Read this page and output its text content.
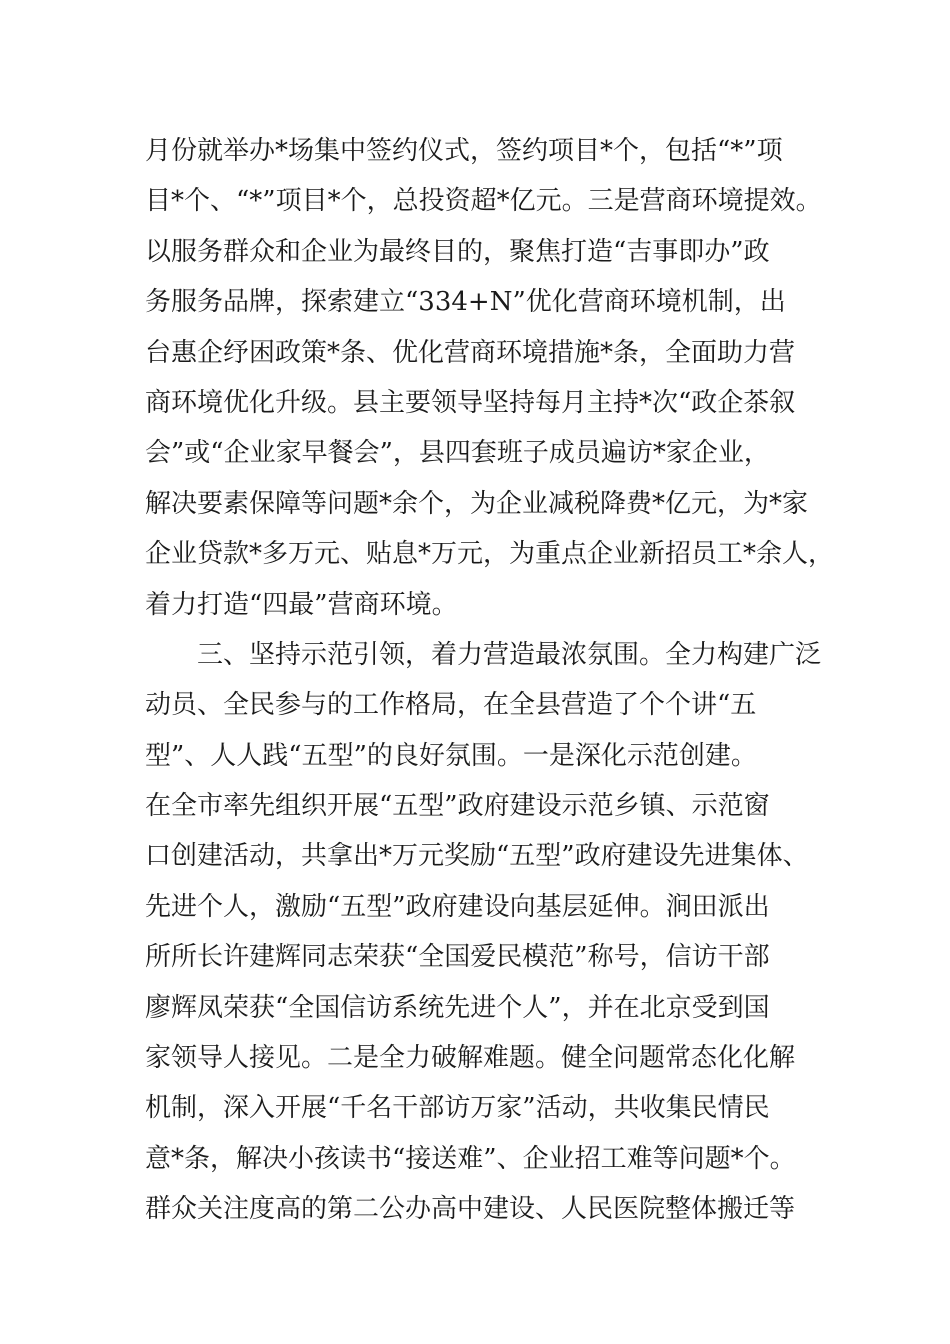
月份就举办*场集中签约仪式，签约项目*个，包括“*”项
目*个、“*”项目*个，总投资超*亿元。三是营商环境提效。
以服务群众和企业为最终目的，聚焦打造“吉事即办”政
务服务品牌，探索建立“334+N”优化营商环境机制，出
台惠企纾困政策*条、优化营商环境措施*条，全面助力营
商环境优化升级。县主要领导坚持每月主持*次“政企茶叙
会”或“企业家早餐会”，县四套班子成员遍访*家企业，
解决要素保障等问题*余个，为企业减税降费*亿元，为*家
企业贷款*多万元、贴息*万元，为重点企业新招员工*余人，
着力打造“四最”营商环境。
三、坚持示范引领，着力营造最浓氛围。全力构建广泛
动员、全民参与的工作格局，在全县营造了个个讲“五
型”、人人践“五型”的良好氛围。一是深化示范创建。
在全市率先组织开展“五型”政府建设示范乡镇、示范窗
口创建活动，共拿出*万元奖励“五型”政府建设先进集体、
先进个人，激励“五型”政府建设向基层延伸。涧田派出
所所长许建辉同志荣获“全国爱民模范”称号，信访干部
廖辉凤荣获“全国信访系统先进个人”，并在北京受到国
家领导人接见。二是全力破解难题。健全问题常态化化解
机制，深入开展“千名干部访万家”活动，共收集民情民
意*条，解决小孩读书“接送难”、企业招工难等问题*个。
群众关注度高的第二公办高中建设、人民医院整体搬迁等
